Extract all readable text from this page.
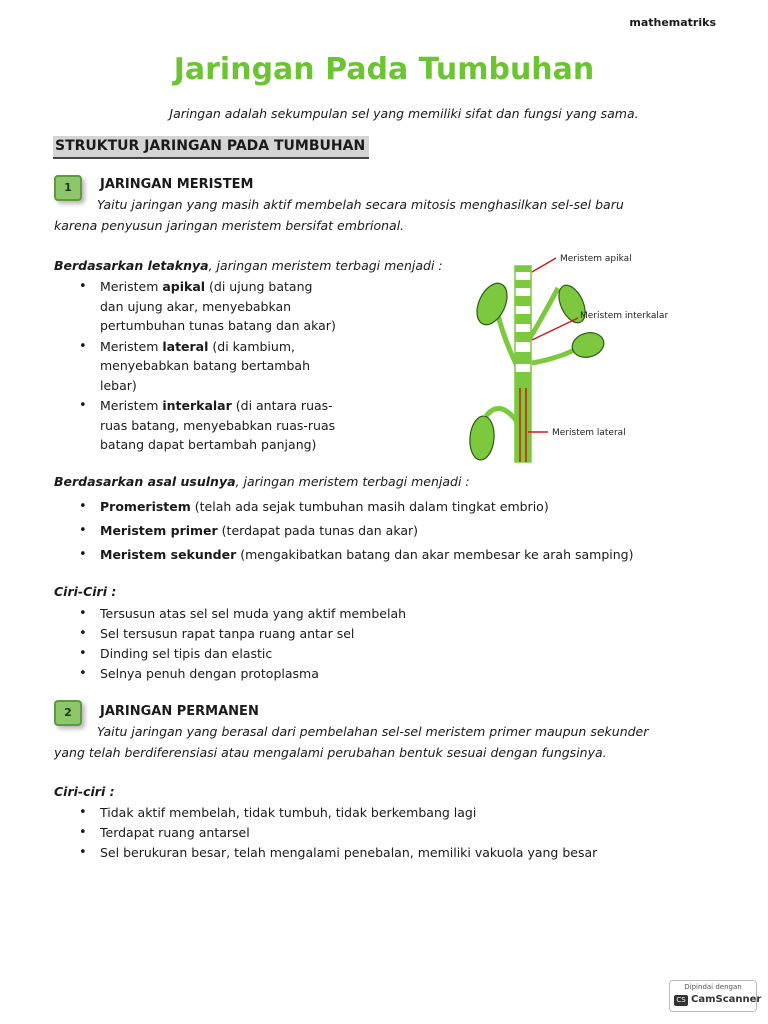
mathematriks
Jaringan Pada Tumbuhan
Jaringan adalah sekumpulan sel yang memiliki sifat dan fungsi yang sama.
STRUKTUR JARINGAN PADA TUMBUHAN
1	JARINGAN MERISTEM
Yaitu jaringan yang masih aktif membelah secara mitosis menghasilkan sel-sel baru
karena penyusun jaringan meristem bersifat embrional.
Berdasarkan letaknya, jaringan meristem terbagi menjadi :
• Meristem apikal (di ujung batang
dan ujung akar, menyebabkan
pertumbuhan tunas batang dan akar)
• Meristem lateral (di kambium,
menyebabkan batang bertambah
lebar)
• Meristem interkalar (di antara ruas-
ruas batang, menyebabkan ruas-ruas
batang dapat bertambah panjang)
Meristem apikal
Meristem interkalar
Meristem lateral
Berdasarkan asal usulnya, jaringan meristem terbagi menjadi :
• Promeristem (telah ada sejak tumbuhan masih dalam tingkat embrio)
• Meristem primer (terdapat pada tunas dan akar)
• Meristem sekunder (mengakibatkan batang dan akar membesar ke arah samping)
Ciri-Ciri :
• Tersusun atas sel sel muda yang aktif membelah
• Sel tersusun rapat tanpa ruang antar sel
• Dinding sel tipis dan elastic
• Selnya penuh dengan protoplasma
2	JARINGAN PERMANEN
Yaitu jaringan yang berasal dari pembelahan sel-sel meristem primer maupun sekunder
yang telah berdiferensiasi atau mengalami perubahan bentuk sesuai dengan fungsinya.
Ciri-ciri :
• Tidak aktif membelah, tidak tumbuh, tidak berkembang lagi
• Terdapat ruang antarsel
• Sel berukuran besar, telah mengalami penebalan, memiliki vakuola yang besar
Dipindai dengan
CS CamScanner
